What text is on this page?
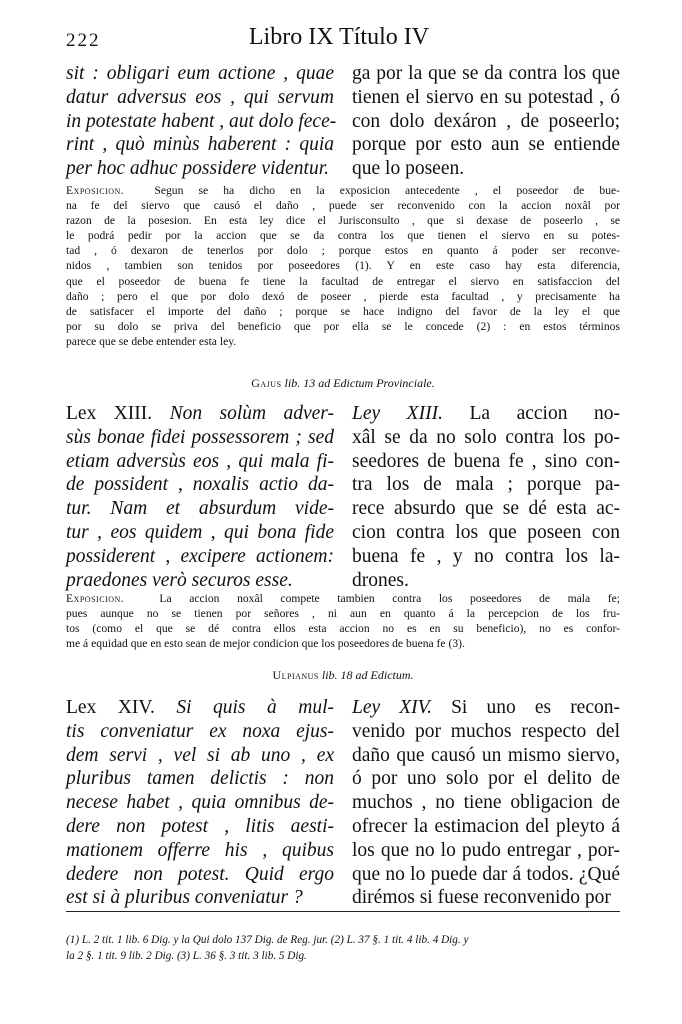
222	Libro IX Título IV
sit : obligari eum actione , quae
datur adversus eos , qui servum
in potestate habent , aut dolo fece-
rint , quò minùs haberent : quia
per hoc adhuc possidere videntur.
ga por la que se da contra los que
tienen el siervo en su potestad , ó
con dolo dexáron , de poseerlo;
porque por esto aun se entiende
que lo poseen.
Exposicion.	Segun se ha dicho en la exposicion antecedente , el poseedor de bue-
na fe del siervo que causó el daño , puede ser reconvenido con la accion noxâl por
razon de la posesion. En esta ley dice el Jurisconsulto , que si dexase de poseerlo , se
le podrá pedir por la accion que se da contra los que tienen el siervo en su potes-
tad , ó dexaron de tenerlos por dolo ; porque estos en quanto á poder ser reconve-
nidos , tambien son tenidos por poseedores (1). Y en este caso hay esta diferencia,
que el poseedor de buena fe tiene la facultad de entregar el siervo en satisfaccion del
daño ; pero el que por dolo dexó de poseer , pierde esta facultad , y precisamente ha
de satisfacer el importe del daño ; porque se hace indigno del favor de la ley el que
por su dolo se priva del beneficio que por ella se le concede (2) : en estos términos
parece que se debe entender esta ley.
Gajus lib. 13 ad Edictum Provinciale.
Lex XIII. Non solùm adver-
sùs bonae fidei possessorem ; sed
etiam adversùs eos , qui mala fi-
de possident , noxalis actio da-
tur. Nam et absurdum vide-
tur , eos quidem , qui bona fide
possiderent , excipere actionem:
praedones verò securos esse.
Ley XIII. La accion no-
xâl se da no solo contra los po-
seedores de buena fe , sino con-
tra los de mala ; porque pa-
rece absurdo que se dé esta ac-
cion contra los que poseen con
buena fe , y no contra los la-
drones.
Exposicion.	La accion noxâl compete tambien contra los poseedores de mala fe;
pues aunque no se tienen por señores , ni aun en quanto á la percepcion de los fru-
tos (como el que se dé contra ellos esta accion no es en su beneficio), no es confor-
me á equidad que en esto sean de mejor condicion que los poseedores de buena fe (3).
Ulpianus lib. 18 ad Edictum.
Lex XIV. Si quis à mul-
tis conveniatur ex noxa ejus-
dem servi , vel si ab uno , ex
pluribus tamen delictis : non
necese habet , quia omnibus de-
dere non potest , litis aesti-
mationem offerre his , quibus
dedere non potest. Quid ergo
est si à pluribus conveniatur ?
Ley XIV. Si uno es recon-
venido por muchos respecto del
daño que causó un mismo siervo,
ó por uno solo por el delito de
muchos , no tiene obligacion de
ofrecer la estimacion del pleyto á
los que no lo pudo entregar , por-
que no lo puede dar á todos. ¿Qué
dirémos si fuese reconvenido por
(1) L. 2 tit. 1 lib. 6 Dig. y la Qui dolo 137 Dig. de Reg. jur. (2) L. 37 §. 1 tit. 4 lib. 4 Dig. y
la 2 §. 1 tit. 9 lib. 2 Dig. (3) L. 36 §. 3 tit. 3 lib. 5 Dig.
